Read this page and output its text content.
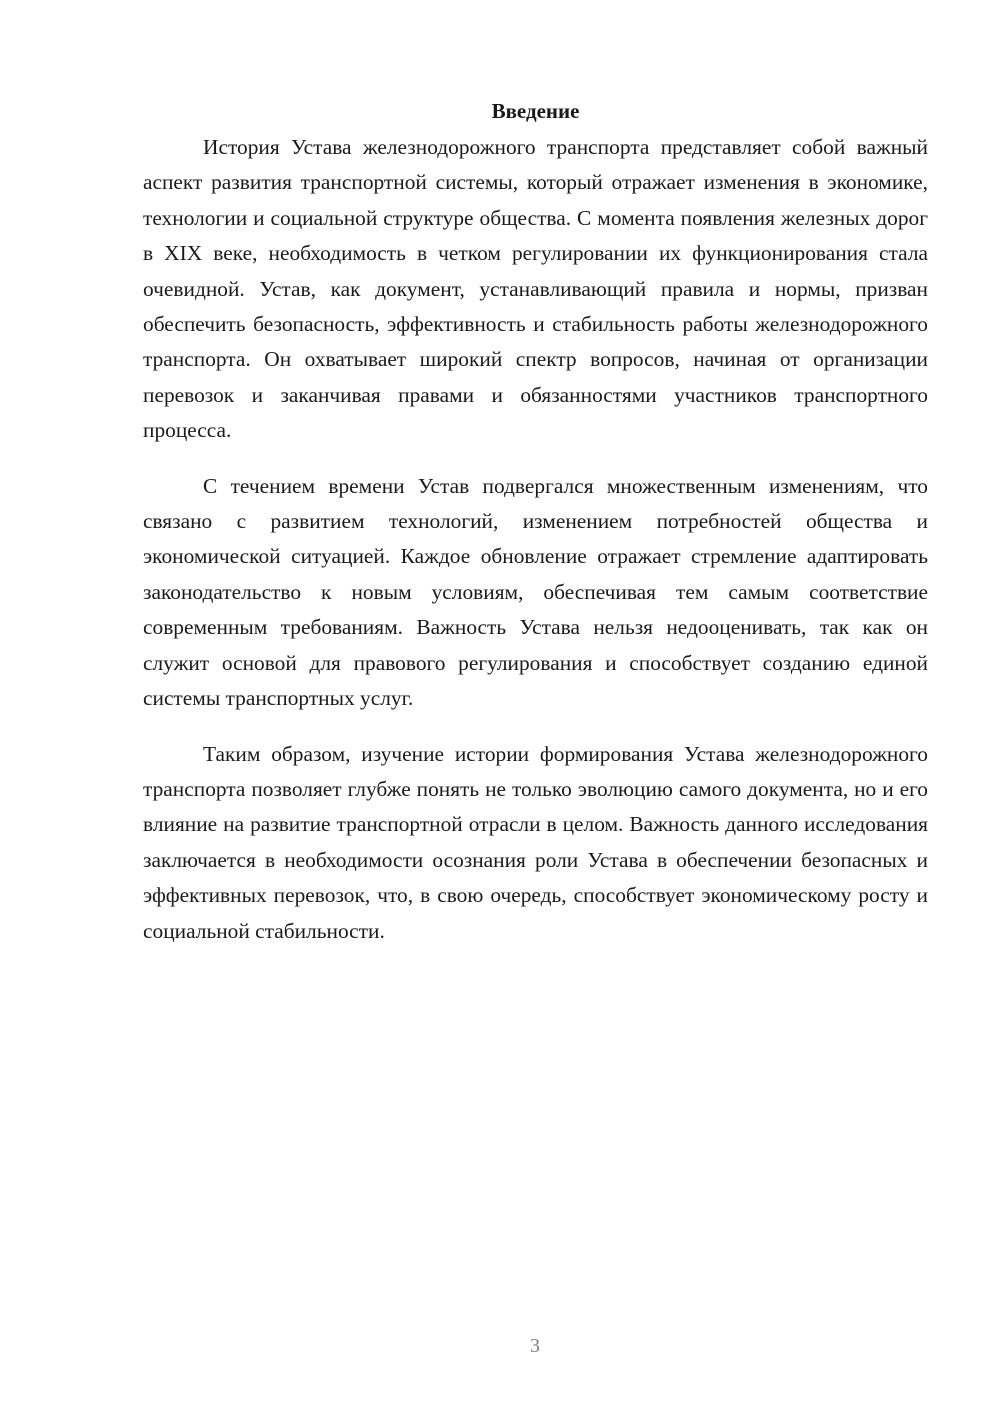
Введение

История Устава железнодорожного транспорта представляет собой важный аспект развития транспортной системы, который отражает изменения в экономике, технологии и социальной структуре общества. С момента появления железных дорог в XIX веке, необходимость в четком регулировании их функционирования стала очевидной. Устав, как документ, устанавливающий правила и нормы, призван обеспечить безопасность, эффективность и стабильность работы железнодорожного транспорта. Он охватывает широкий спектр вопросов, начиная от организации перевозок и заканчивая правами и обязанностями участников транспортного процесса.

С течением времени Устав подвергался множественным изменениям, что связано с развитием технологий, изменением потребностей общества и экономической ситуацией. Каждое обновление отражает стремление адаптировать законодательство к новым условиям, обеспечивая тем самым соответствие современным требованиям. Важность Устава нельзя недооценивать, так как он служит основой для правового регулирования и способствует созданию единой системы транспортных услуг.

Таким образом, изучение истории формирования Устава железнодорожного транспорта позволяет глубже понять не только эволюцию самого документа, но и его влияние на развитие транспортной отрасли в целом. Важность данного исследования заключается в необходимости осознания роли Устава в обеспечении безопасных и эффективных перевозок, что, в свою очередь, способствует экономическому росту и социальной стабильности.

3
